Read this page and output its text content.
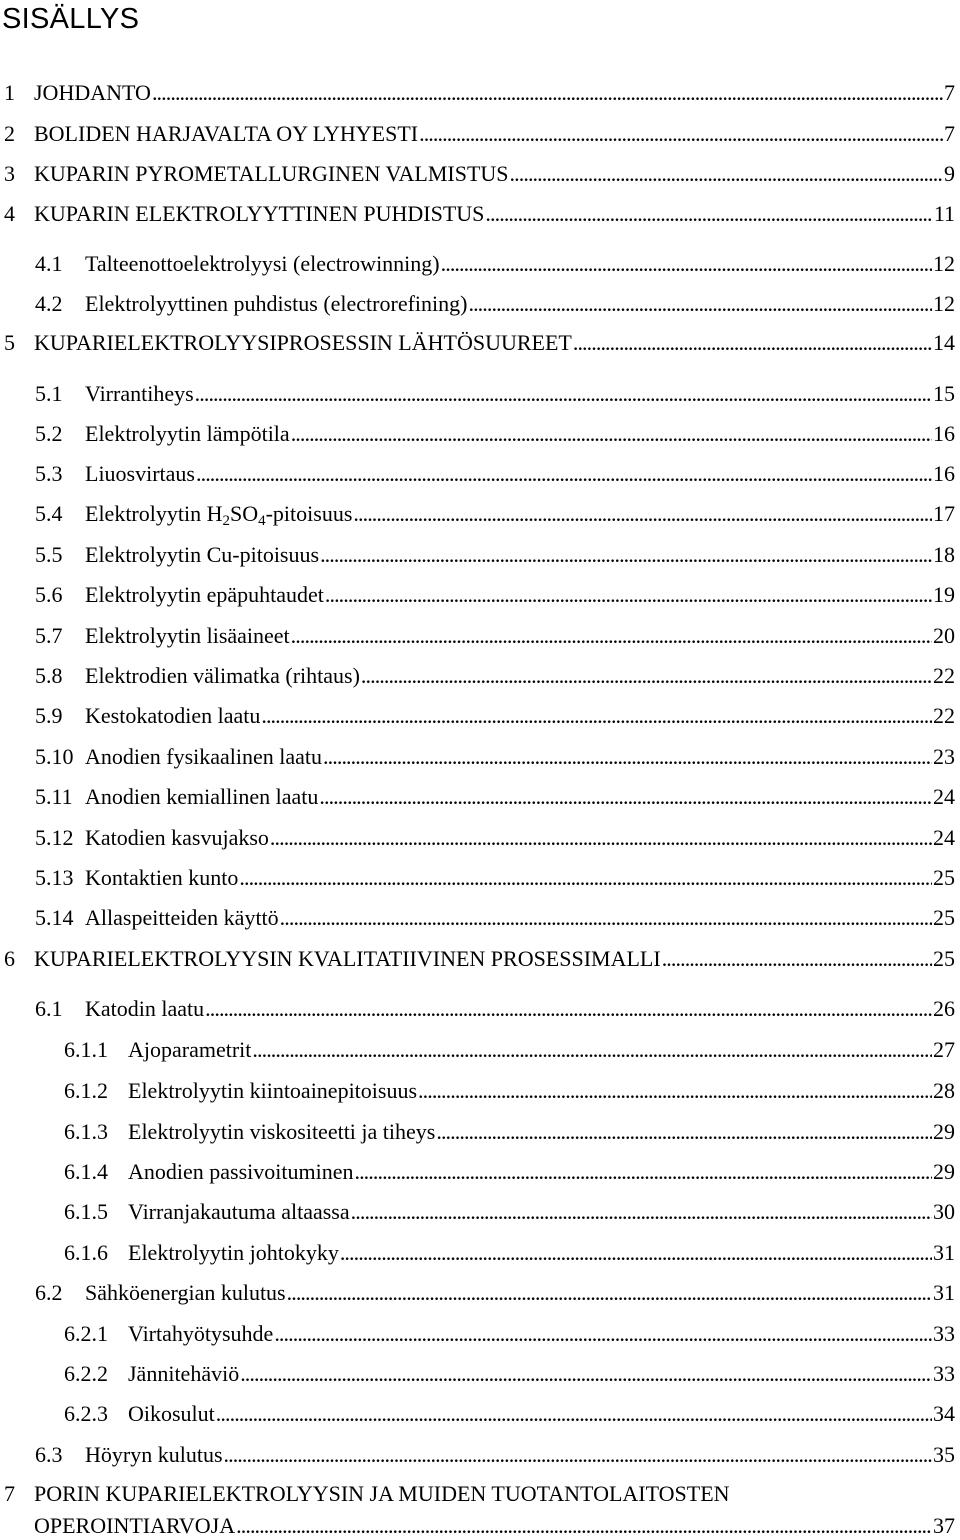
SISÄLLYS
1 JOHDANTO . . .	7
2 BOLIDEN HARJAVALTA OY LYHYESTI . . .	7
3 KUPARIN PYROMETALLURGINEN VALMISTUS . . .	9
4 KUPARIN ELEKTROLYYTTINEN PUHDISTUS . . .	11
4.1	Talteenottoelektrolyysi (electrowinning) . . .	12
4.2	Elektrolyyttinen puhdistus (electrorefining) . . .	12
5 KUPARIELEKTROLYYSIPROSESSIN LÄHTÖSUUREET . . .	14
5.1	Virrantiheys . . .	15
5.2	Elektrolyytin lämpötila . . .	16
5.3	Liuosvirtaus . . .	16
5.4	Elektrolyytin H2SO4-pitoisuus . . .	17
5.5	Elektrolyytin Cu-pitoisuus . . .	18
5.6	Elektrolyytin epäpuhtaudet . . .	19
5.7	Elektrolyytin lisäaineet . . .	20
5.8	Elektrodien välimatka (rihtaus) . . .	22
5.9	Kestokatodien laatu . . .	22
5.10 Anodien fysikaalinen laatu . . .	23
5.11 Anodien kemiallinen laatu . . .	24
5.12 Katodien kasvujakso . . .	24
5.13 Kontaktien kunto . . .	25
5.14 Allaspeitteiden käyttö . . .	25
6 KUPARIELEKTROLYYSIN KVALITATIIVINEN PROSESSIMALLI . . .	25
6.1	Katodin laatu . . .	26
6.1.1 Ajoparametrit . . .	27
6.1.2 Elektrolyytin kiintoainepitoisuus . . .	28
6.1.3 Elektrolyytin viskositeetti ja tiheys . . .	29
6.1.4 Anodien passivoituminen . . .	29
6.1.5 Virranjakautuma altaassa . . .	30
6.1.6 Elektrolyytin johtokyky . . .	31
6.2	Sähköenergian kulutus . . .	31
6.2.1 Virtahyötysuhde . . .	33
6.2.2 Jännitehäviö . . .	33
6.2.3 Oikosulut . . .	34
6.3	Höyryn kulutus . . .	35
7 PORIN KUPARIELEKTROLYYSIN JA MUIDEN TUOTANTOLAITOSTEN
OPEROINTIARVOJA . . .	37
